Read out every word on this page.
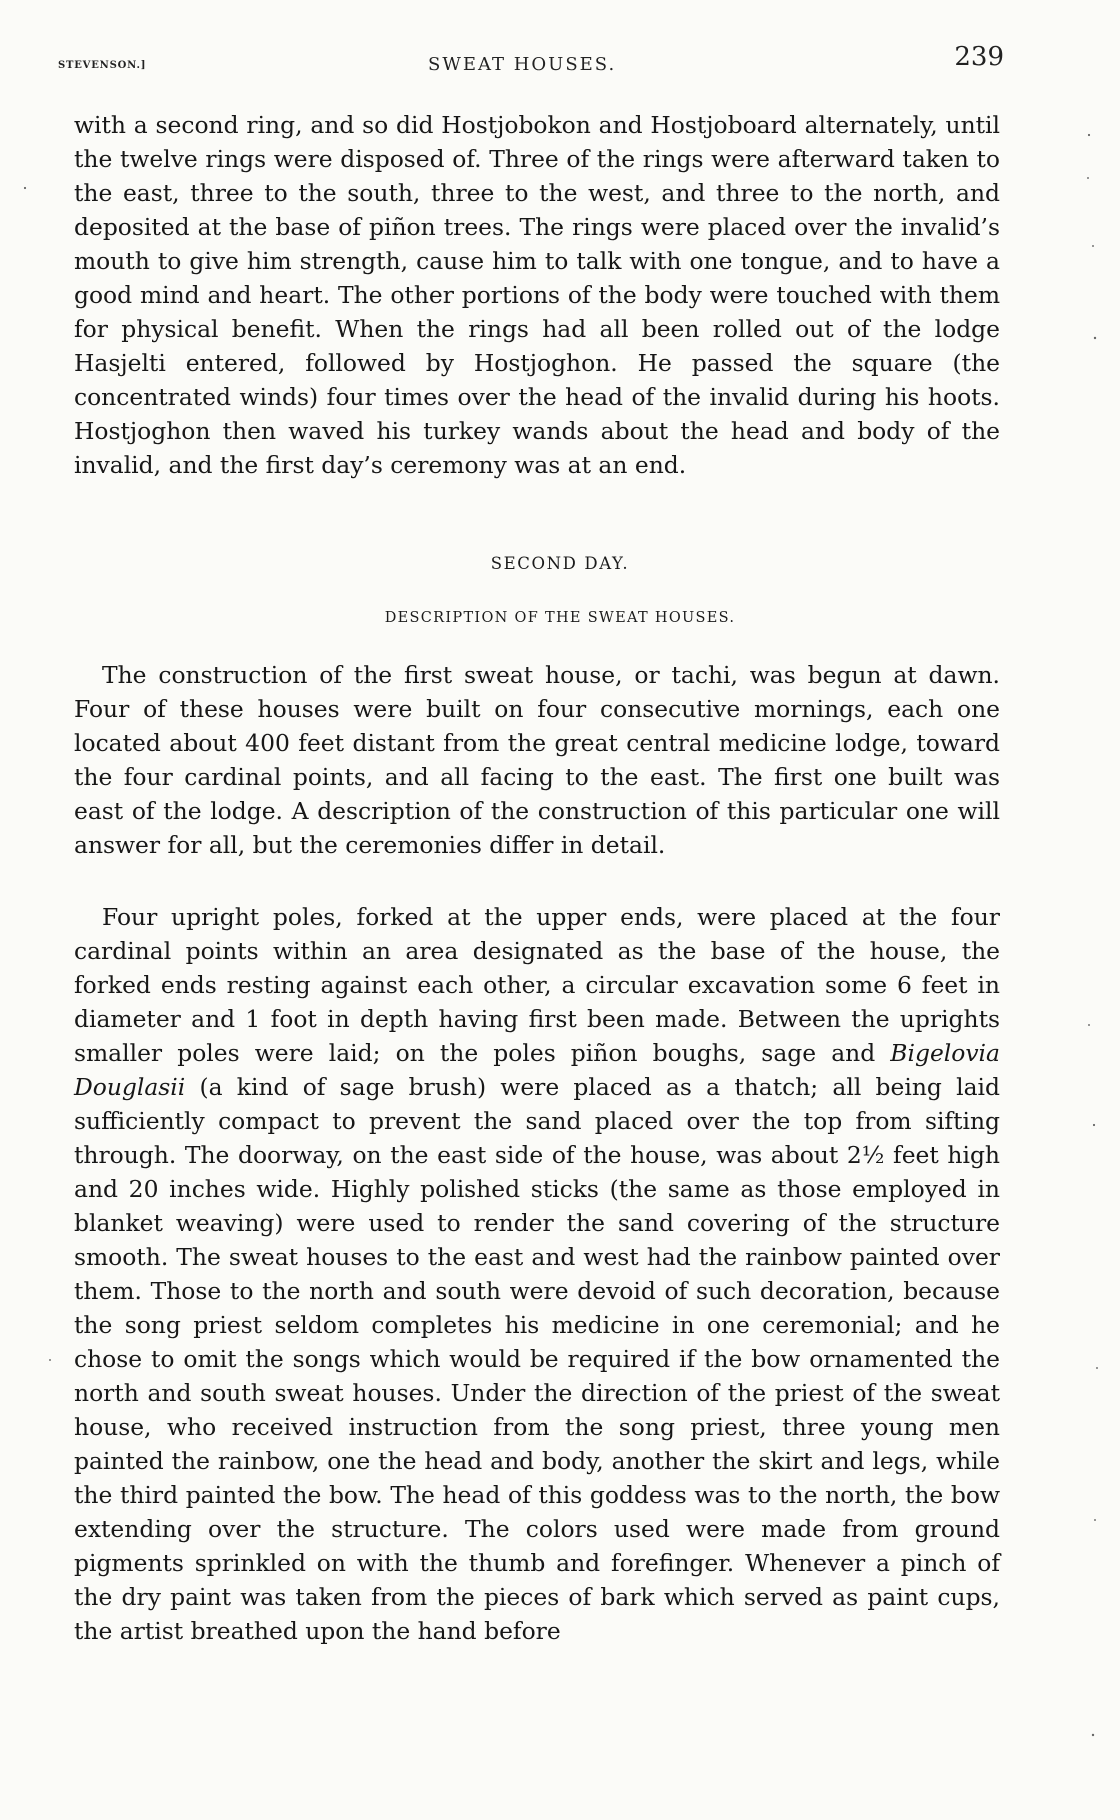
STEVENSON.]	SWEAT HOUSES.	239

with a second ring, and so did Hostjobokon and Hostjoboard alternately, until the twelve rings were disposed of. Three of the rings were afterward taken to the east, three to the south, three to the west, and three to the north, and deposited at the base of piñon trees. The rings were placed over the invalid’s mouth to give him strength, cause him to talk with one tongue, and to have a good mind and heart. The other portions of the body were touched with them for physical benefit. When the rings had all been rolled out of the lodge Hasjelti entered, followed by Hostjoghon. He passed the square (the concentrated winds) four times over the head of the invalid during his hoots. Hostjoghon then waved his turkey wands about the head and body of the invalid, and the first day’s ceremony was at an end.

SECOND DAY.
DESCRIPTION OF THE SWEAT HOUSES.

The construction of the first sweat house, or tachi, was begun at dawn. Four of these houses were built on four consecutive mornings, each one located about 400 feet distant from the great central medicine lodge, toward the four cardinal points, and all facing to the east. The first one built was east of the lodge. A description of the construction of this particular one will answer for all, but the ceremonies differ in detail.

Four upright poles, forked at the upper ends, were placed at the four cardinal points within an area designated as the base of the house, the forked ends resting against each other, a circular excavation some 6 feet in diameter and 1 foot in depth having first been made. Between the uprights smaller poles were laid; on the poles piñon boughs, sage and Bigelovia Douglasii (a kind of sage brush) were placed as a thatch; all being laid sufficiently compact to prevent the sand placed over the top from sifting through. The doorway, on the east side of the house, was about 2½ feet high and 20 inches wide. Highly polished sticks (the same as those employed in blanket weaving) were used to render the sand covering of the structure smooth. The sweat houses to the east and west had the rainbow painted over them. Those to the north and south were devoid of such decoration, because the song priest seldom completes his medicine in one ceremonial; and he chose to omit the songs which would be required if the bow ornamented the north and south sweat houses. Under the direction of the priest of the sweat house, who received instruction from the song priest, three young men painted the rainbow, one the head and body, another the skirt and legs, while the third painted the bow. The head of this goddess was to the north, the bow extending over the structure. The colors used were made from ground pigments sprinkled on with the thumb and forefinger. Whenever a pinch of the dry paint was taken from the pieces of bark which served as paint cups, the artist breathed upon the hand before
